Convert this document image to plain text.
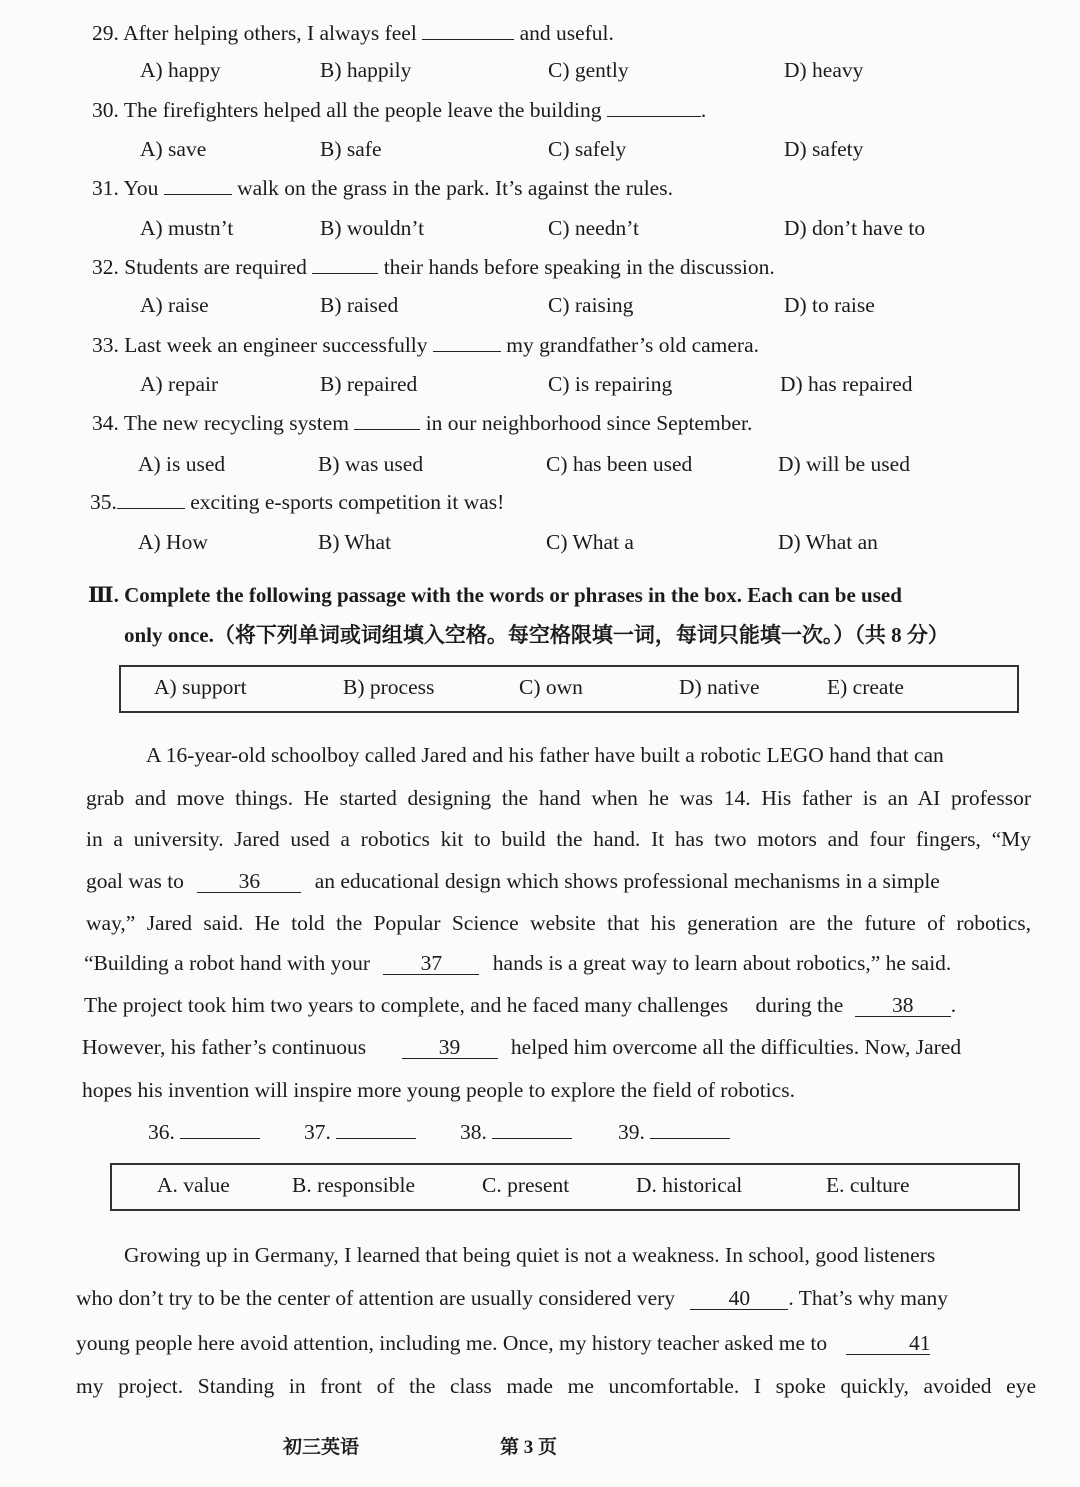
29. After helping others, I always feel	and useful.
A) happy	B) happily	C) gently	D) heavy
30. The firefighters helped all the people leave the building	.
A) save	B) safe	C) safely	D) safety
31. You	walk on the grass in the park. It’s against the rules.
A) mustn’t	B) wouldn’t	C) needn’t	D) don’t have to
32. Students are required	their hands before speaking in the discussion.
A) raise	B) raised	C) raising	D) to raise
33. Last week an engineer successfully	my grandfather’s old camera.
A) repair	B) repaired	C) is repairing	D) has repaired
34. The new recycling system	in our neighborhood since September.
A) is used	B) was used	C) has been used	D) will be used
35.	exciting e-sports competition it was!
A) How	B) What	C) What a	D) What an
Ⅲ. Complete the following passage with the words or phrases in the box. Each can be used
only once.（将下列单词或词组填入空格。每空格限填一词，每词只能填一次。）（共 8 分）
A) support	B) process	C) own	D) native	E) create
A 16-year-old schoolboy called Jared and his father have built a robotic LEGO hand that can
grab and move things. He started designing the hand when he was 14. His father is an AI professor
in a university. Jared used a robotics kit to build the hand. It has two motors and four fingers, “My
goal was to	36	an educational design which shows professional mechanisms in a simple
way,” Jared said. He told the Popular Science website that his generation are the future of robotics,
“Building a robot hand with your 37 hands is a great way to learn about robotics,” he said.
The project took him two years to complete, and he faced many challenges during the 38 .
However, his father’s continuous	39 helped him overcome all the difficulties. Now, Jared
hopes his invention will inspire more young people to explore the field of robotics.
36.	37.	38.	39.
A. value	B. responsible	C. present	D. historical	E. culture
Growing up in Germany, I learned that being quiet is not a weakness. In school, good listeners
who don’t try to be the center of attention are usually considered very 40 . That’s why many
young people here avoid attention, including me. Once, my history teacher asked me to	41
my project. Standing in front of the class made me uncomfortable. I spoke quickly, avoided eye
初三英语	第 3 页
